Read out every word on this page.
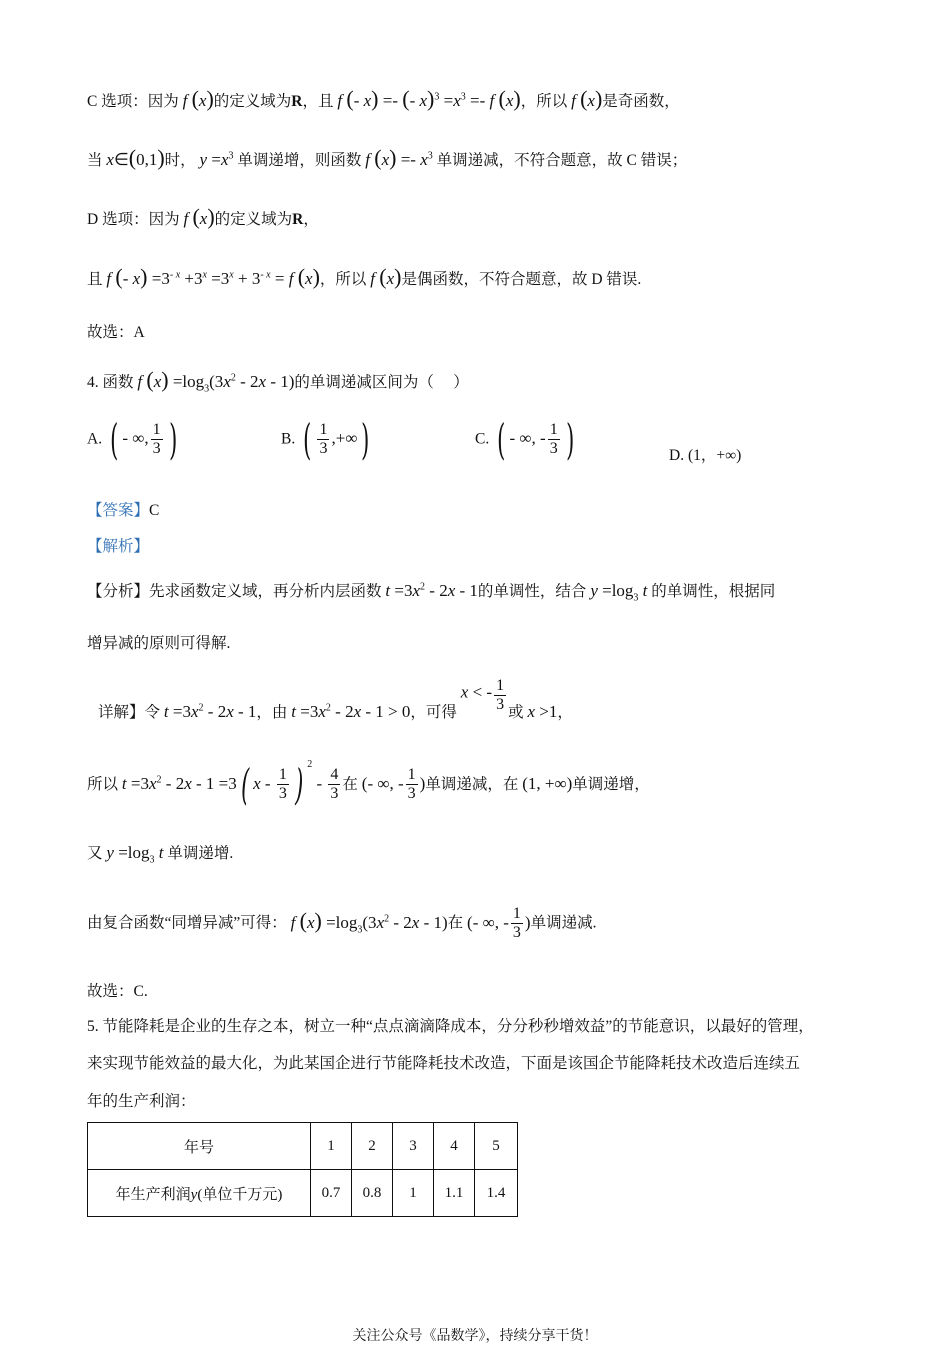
C 选项：因为 f (x)的定义域为R，且 f (- x) =- (- $x)^3 =x^3 =- f$ (x)，所以 f (x)是奇函数，
当 x∈(0,1)时， $y =x^3$ 单调递增，则函数 f $(x) =- x^3$ 单调递减，不符合题意，故 C 错误；
D 选项：因为 f (x)的定义域为R，
且 f (- $x) =3^{- x} +3^x =3^x + 3^{- x} = f$ (x)，所以 f (x)是偶函数，不符合题意，故 D 错误.
故选：A
4. 函数 f $(x) =\log_3(3x^2 - 2x - 1)$的单调递减区间为（　 ）
A. ( - ∞, $\frac{1}{3}$ )	B. ( $\frac{1}{3}$ ,+∞)	C. ( - ∞, - $\frac{1}{3}$ )	D. (1，+∞)
【答案】C
【解析】
【分析】先求函数定义域，再分析内层函数 $t =3x^2 - 2x - 1$的单调性，结合 $y =\log_3$ t 的单调性，根据同
增异减的原则可得解.
详解】令 $t =3x^2 - 2x - 1$，由 $t =3x^2 - 2x - 1 > 0$，可得 x < - $\frac{1}{3}$ 或 x >1，
所以 $t =3x^2 - 2x - 1 =3$( x - $\frac{1}{3}$ ) $^2 - \frac{4}{3}$ 在 (- ∞, - $\frac{1}{3}$ )单调递减，在 (1, +∞)单调递增，
又 $y =\log_3$ t 单调递增.
由复合函数“同增异减”可得： f $(x) =\log_3(3x^2 - 2x - 1)$在 (- ∞, - $\frac{1}{3}$ )单调递减.
故选：C.
5. 节能降耗是企业的生存之本，树立一种“点点滴滴降成本，分分秒秒增效益”的节能意识，以最好的管理，
来实现节能效益的最大化，为此某国企进行节能降耗技术改造，下面是该国企节能降耗技术改造后连续五
年的生产利润：
年号	1	2	3	4	5
年生产利润y(单位千万元)	0.7	0.8	1	1.1	1.4
关注公众号《品数学》，持续分享干货！
